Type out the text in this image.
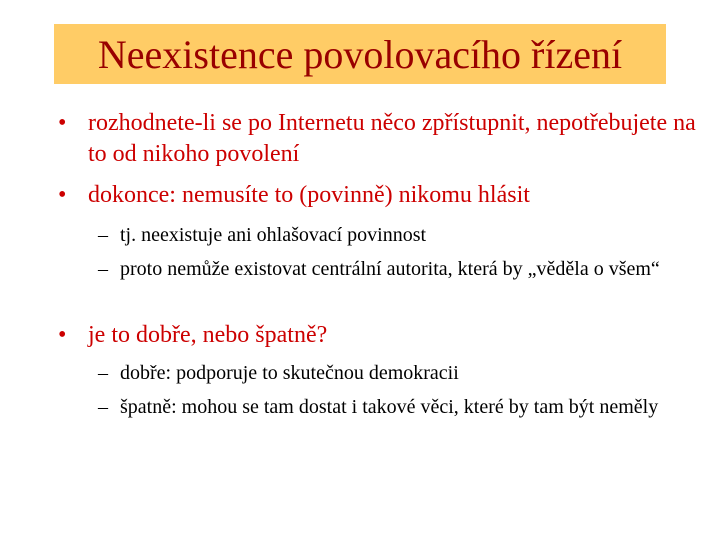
Neexistence povolovacího řízení
• rozhodnete-li se po Internetu něco zpřístupnit, nepotřebujete na to od nikoho povolení
• dokonce: nemusíte to (povinně) nikomu hlásit
– tj. neexistuje ani ohlašovací povinnost
– proto nemůže existovat centrální autorita, která by „věděla o všem“
• je to dobře, nebo špatně?
– dobře: podporuje to skutečnou demokracii
– špatně: mohou se tam dostat i takové věci, které by tam být neměly
